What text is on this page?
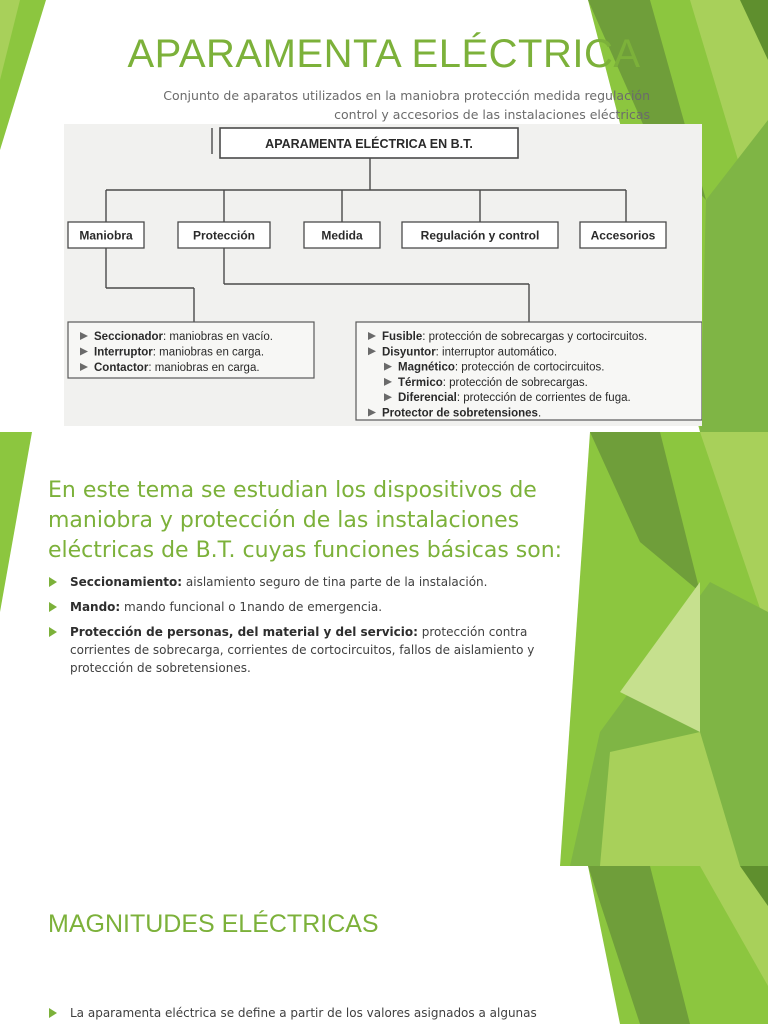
APARAMENTA ELÉCTRICA
Conjunto de aparatos utilizados en la maniobra protección medida regulación
control y accesorios de las instalaciones eléctricas
APARAMENTA ELÉCTRICA EN B.T.
Maniobra	Protección	Medida	Regulación y control	Accesorios
Seccionador: maniobras en vacío.
Interruptor: maniobras en carga.
Contactor: maniobras en carga.
Fusible: protección de sobrecargas y cortocircuitos.
Disyuntor: interruptor automático.
Magnético: protección de cortocircuitos.
Térmico: protección de sobrecargas.
Diferencial: protección de corrientes de fuga.
Protector de sobretensiones.

En este tema se estudian los dispositivos de maniobra y protección de las instalaciones eléctricas de B.T. cuyas funciones básicas son:

Seccionamiento: aislamiento seguro de tina parte de la instalación.
Mando: mando funcional o 1nando de emergencia.
Protección de personas, del material y del servicio: protección contra corrientes de sobrecarga, corrientes de cortocircuitos, fallos de aislamiento y protección de sobretensiones.
MAGNITUDES ELÉCTRICAS
La aparamenta eléctrica se define a partir de los valores asignados a algunas
